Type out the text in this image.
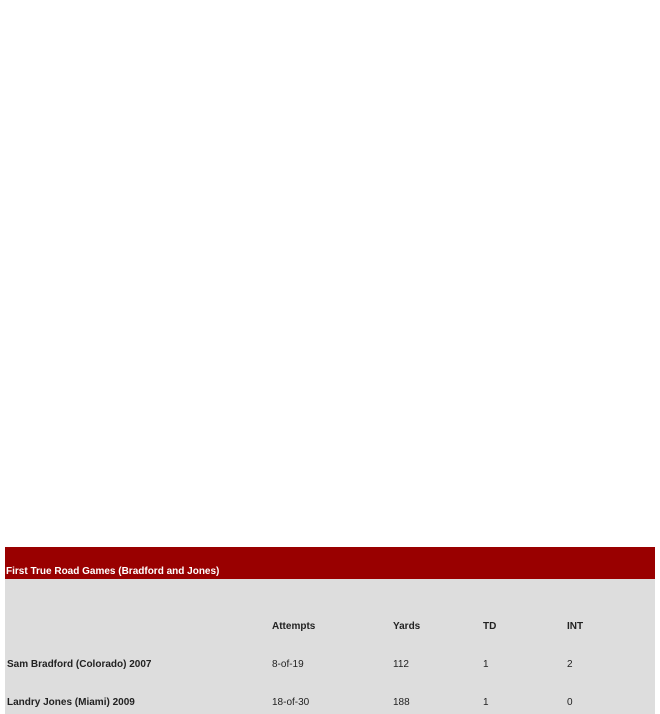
First True Road Games (Bradford and Jones)
	Attempts	Yards	TD	INT
Sam Bradford (Colorado) 2007	8-of-19	112	1	2
Landry Jones (Miami) 2009	18-of-30	188	1	0
